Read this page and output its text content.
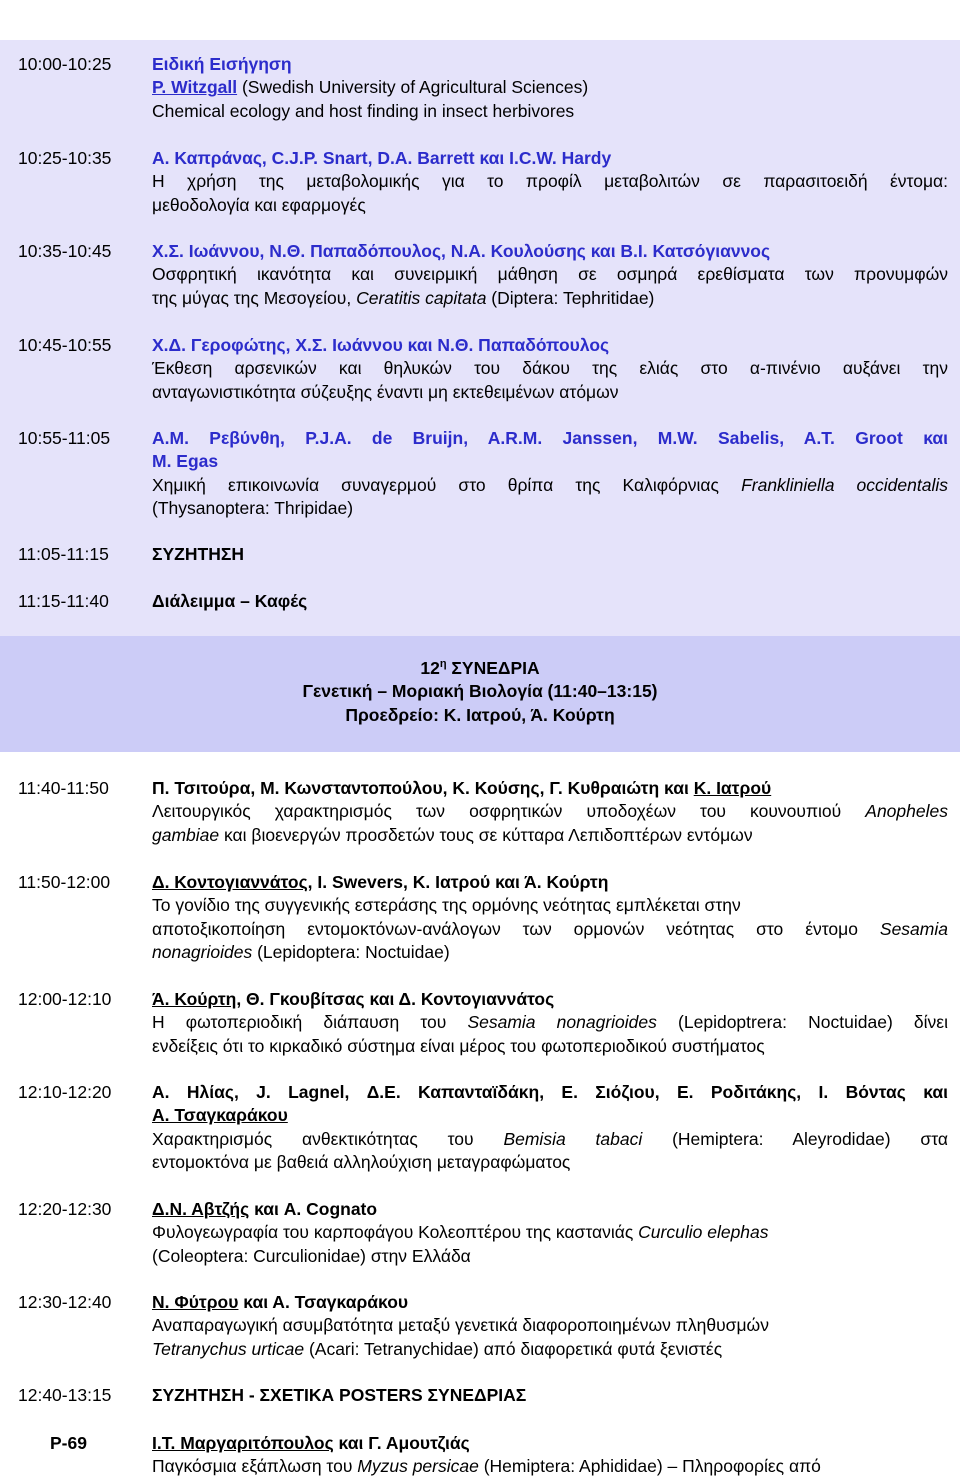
$12^\eta$ ΣΥΝΕΔΡΙΑ
Γενετική – Μοριακή Βιολογία (11:40–13:15)
Προεδρείο: Κ. Ιατρού, Ά. Κούρτη
10:00-10:25 Ειδική Εισήγηση
P. Witzgall (Swedish University of Agricultural Sciences)
Chemical ecology and host finding in insect herbivores
10:25-10:35 Α. Καπράνας, C.J.P. Snart, D.A. Barrett και I.C.W. Hardy
Η χρήση της μεταβολομικής για το προφίλ μεταβολιτών σε παρασιτοειδή έντομα:
μεθοδολογία και εφαρμογές
10:35-10:45 Χ.Σ. Ιωάννου, Ν.Θ. Παπαδόπουλος, Ν.Α. Κουλούσης και Β.Ι. Κατσόγιαννος
Οσφρητική ικανότητα και συνειρμική μάθηση σε οσμηρά ερεθίσματα των προνυμφών
της μύγας της Μεσογείου, Ceratitis capitata (Diptera: Tephritidae)
10:45-10:55 Χ.Δ. Γεροφώτης, Χ.Σ. Ιωάννου και Ν.Θ. Παπαδόπουλος
Έκθεση αρσενικών και θηλυκών του δάκου της ελιάς στο α-πινένιο αυξάνει την
ανταγωνιστικότητα σύζευξης έναντι μη εκτεθειμένων ατόμων
10:55-11:05 Α.Μ. Ρεβύνθη, P.J.A. de Bruijn, A.R.M. Janssen, M.W. Sabelis, A.T. Groot και
M. Egas
Χημική επικοινωνία συναγερμού στο θρίπα της Καλιφόρνιας Frankliniella occidentalis
(Thysanoptera: Thripidae)
11:05-11:15 ΣΥΖΗΤΗΣΗ
11:15-11:40 Διάλειμμα – Καφές
11:40-11:50 Π. Τσιτούρα, Μ. Κωνσταντοπούλου, Κ. Κούσης, Γ. Κυθραιώτη και Κ. Ιατρού
Λειτουργικός χαρακτηρισμός των οσφρητικών υποδοχέων του κουνουπιού Anopheles
gambiae και βιοενεργών προσδετών τους σε κύτταρα Λεπιδοπτέρων εντόμων
11:50-12:00 Δ. Κοντογιαννάτος, I. Swevers, Κ. Ιατρού και Ά. Κούρτη
Το γονίδιο της συγγενικής εστεράσης της ορμόνης νεότητας εμπλέκεται στην
αποτοξικοποίηση εντομοκτόνων-ανάλογων των ορμονών νεότητας στο έντομο Sesamia
nonagrioides (Lepidoptera: Noctuidae)
12:00-12:10 Ά. Κούρτη, Θ. Γκουβίτσας και Δ. Κοντογιαννάτος
Η φωτοπεριοδική διάπαυση του Sesamia nonagrioides (Lepidoptrera: Noctuidae) δίνει
ενδείξεις ότι το κιρκαδικό σύστημα είναι μέρος του φωτοπεριοδικού συστήματος
12:10-12:20 Α. Ηλίας, J. Lagnel, Δ.Ε. Καπανταϊδάκη, Ε. Σιόζιου, Ε. Ροδιτάκης, Ι. Βόντας και
Α. Τσαγκαράκου
Χαρακτηρισμός ανθεκτικότητας του Bemisia tabaci (Hemiptera: Aleyrodidae) στα
εντομοκτόνα με βαθειά αλληλούχιση μεταγραφώματος
12:20-12:30 Δ.Ν. Αβτζής και A. Cognato
Φυλογεωγραφία του καρποφάγου Κολεοπτέρου της καστανιάς Curculio elephas
(Coleoptera: Curculionidae) στην Ελλάδα
12:30-12:40 Ν. Φύτρου και Α. Τσαγκαράκου
Αναπαραγωγική ασυμβατότητα μεταξύ γενετικά διαφοροποιημένων πληθυσμών
Tetranychus urticae (Acari: Tetranychidae) από διαφορετικά φυτά ξενιστές
12:40-13:15 ΣΥΖΗΤΗΣΗ - ΣΧΕΤΙΚΑ POSTERS ΣΥΝΕΔΡΙΑΣ
P-69	Ι.Τ. Μαργαριτόπουλος και Γ. Αμουτζιάς
Παγκόσμια εξάπλωση του Myzus persicae (Hemiptera: Aphididae) – Πληροφορίες από
